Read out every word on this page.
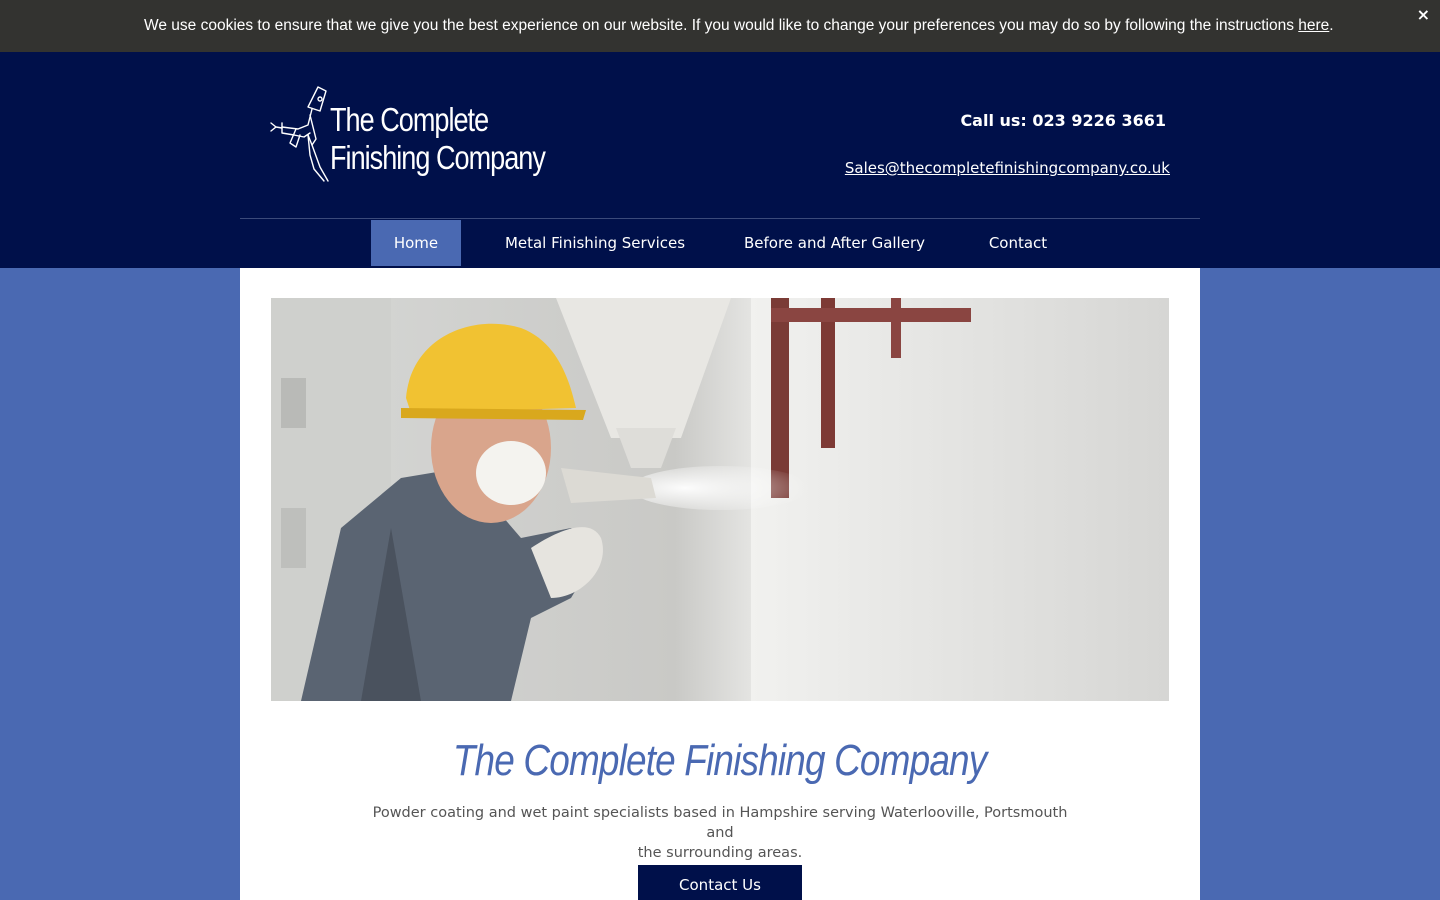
We use cookies to ensure that we give you the best experience on our website. If you would like to change your preferences you may do so by following the instructions here.
×
The Complete
Finishing Company
Call us: 023 9226 3661
Sales@thecompletefinishingcompany.co.uk
Home	Metal Finishing Services	Before and After Gallery	Contact
The Complete Finishing Company
Powder coating and wet paint specialists based in Hampshire serving Waterlooville, Portsmouth and
the surrounding areas.
Contact Us
